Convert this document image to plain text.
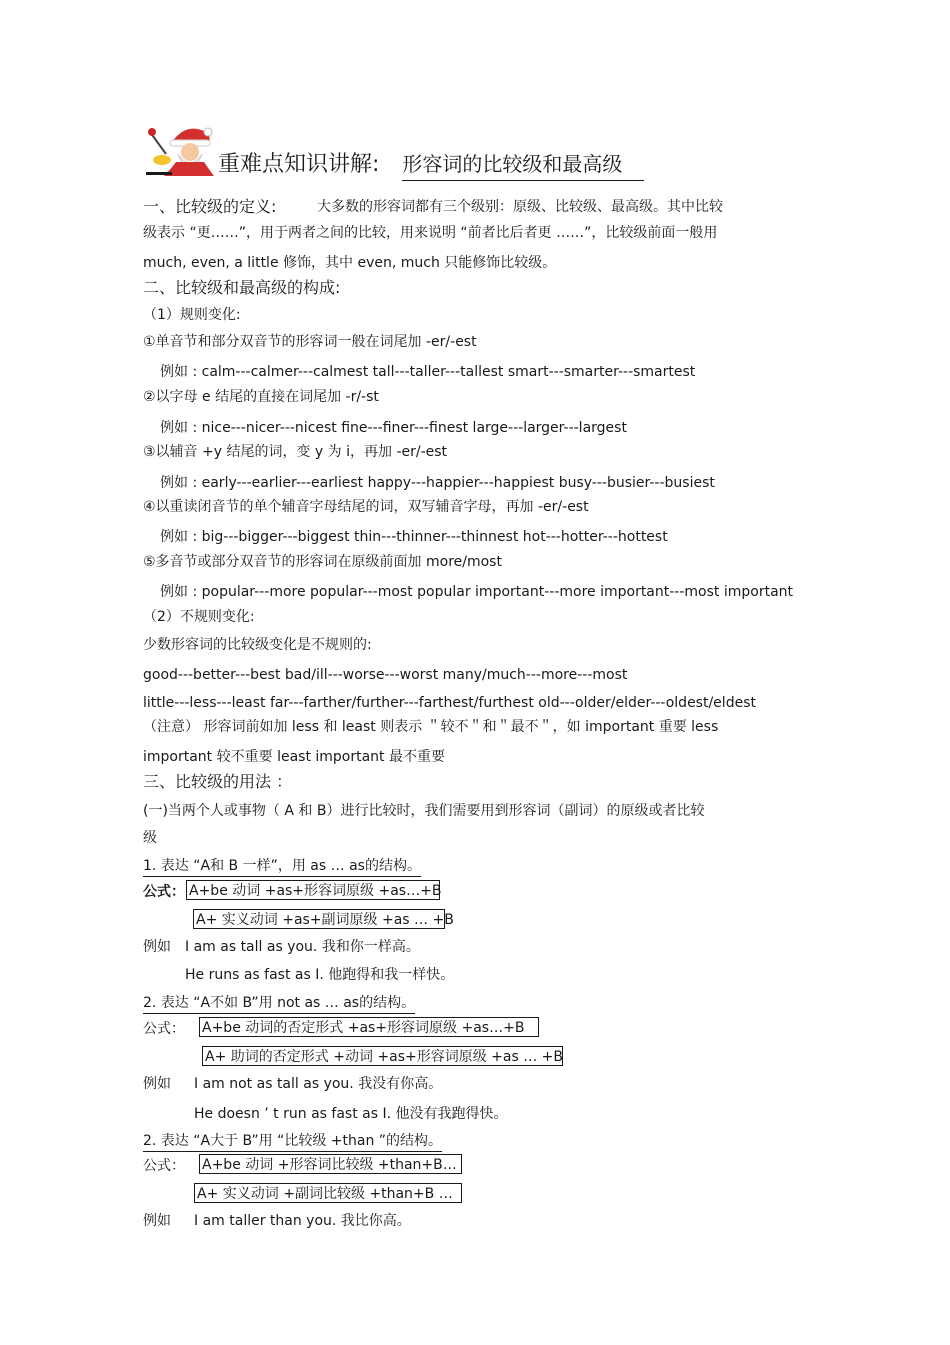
重难点知识讲解: 形容词的比较级和最高级
一、比较级的定义:	大多数的形容词都有三个级别：原级、比较级、最高级。其中比较
级表示 “更……”，用于两者之间的比较，用来说明 “前者比后者更 ……”，比较级前面一般用
much, even, a little 修饰，其中 even, much 只能修饰比较级。
二、比较级和最高级的构成:
（1）规则变化:
①单音节和部分双音节的形容词一般在词尾加 -er/-est
例如 : calm---calmer---calmest tall---taller---tallest smart---smarter---smartest
②以字母 e 结尾的直接在词尾加 -r/-st
例如 : nice---nicer---nicest fine---finer---finest large---larger---largest
③以辅音 +y 结尾的词，变 y 为 i，再加 -er/-est
例如 : early---earlier---earliest happy---happier---happiest busy---busier---busiest
④以重读闭音节的单个辅音字母结尾的词，双写辅音字母，再加 -er/-est
例如 : big---bigger---biggest thin---thinner---thinnest hot---hotter---hottest
⑤多音节或部分双音节的形容词在原级前面加 more/most
例如 : popular---more popular---most popular important---more important---most important
（2）不规则变化:
少数形容词的比较级变化是不规则的:
good---better---best bad/ill---worse---worst many/much---more---most
little---less---least far---farther/further---farthest/furthest old---older/elder---oldest/eldest
（注意） 形容词前如加 less 和 least 则表示 ＂较不＂和＂最不＂，如 important 重要 less
important 较不重要 least important 最不重要
三、比较级的用法 ：
(一)当两个人或事物（ A 和 B）进行比较时，我们需要用到形容词（副词）的原级或者比较
级
1. 表达 “A和 B 一样”，用 as … as的结构。
公式： A+be 动词 +as+形容词原级 +as…+B
A+ 实义动词 +as+副词原级 +as … +B
例如 I am as tall as you. 我和你一样高。
He runs as fast as I. 他跑得和我一样快。
2. 表达 “A不如 B”用 not as … as的结构。
公式： A+be 动词的否定形式 +as+形容词原级 +as…+B
A+ 助词的否定形式 +动词 +as+形容词原级 +as … +B
例如 I am not as tall as you. 我没有你高。
He doesn ’ t run as fast as I. 他没有我跑得快。
2. 表达 “A大于 B”用 “比较级 +than ”的结构。
公式： A+be 动词 +形容词比较级 +than+B…
A+ 实义动词 +副词比较级 +than+B …
例如 I am taller than you. 我比你高。
